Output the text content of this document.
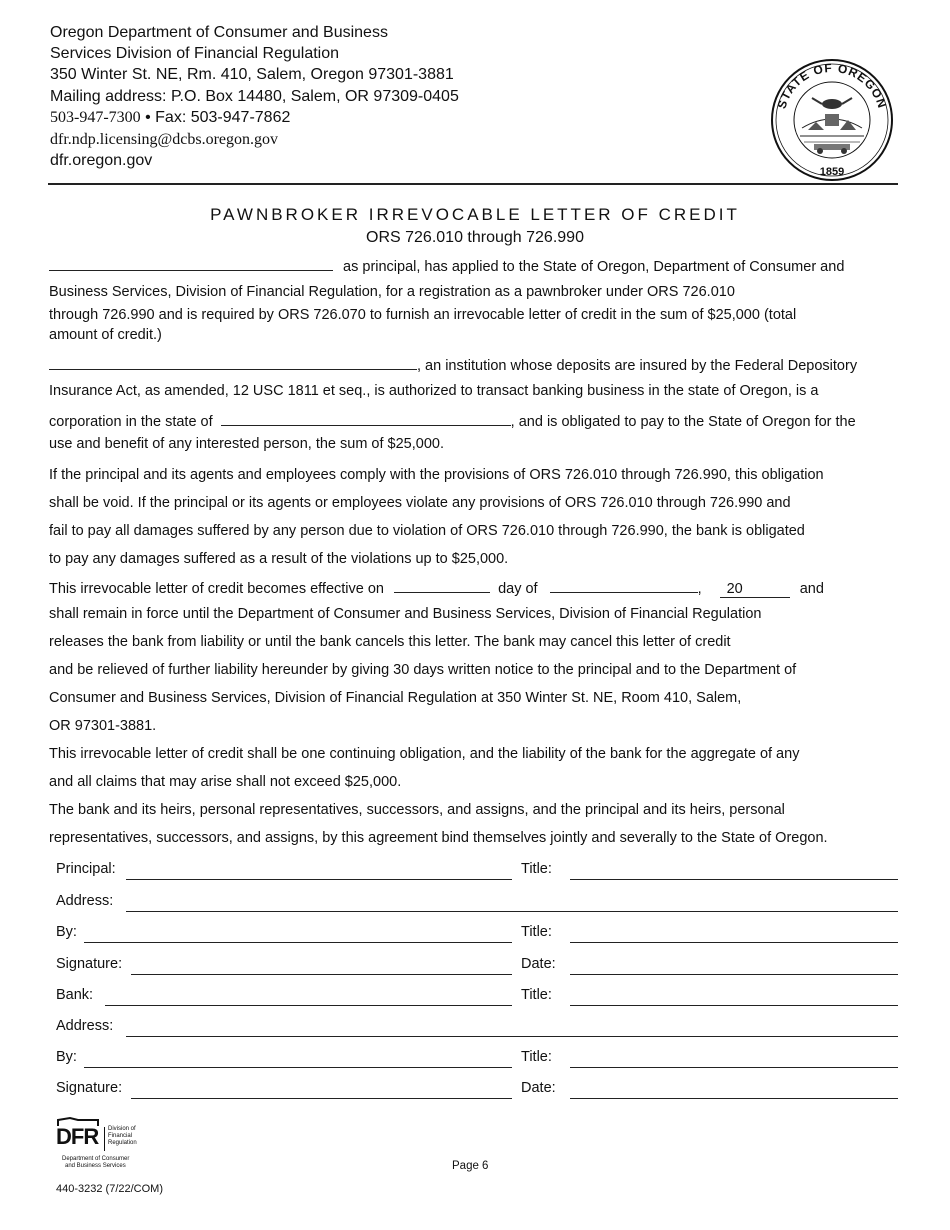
Oregon Department of Consumer and Business
Services Division of Financial Regulation
350 Winter St. NE, Rm. 410, Salem, Oregon 97301-3881
Mailing address: P.O. Box 14480, Salem, OR 97309-0405
503-947-7300 • Fax: 503-947-7862
dfr.ndp.licensing@dcbs.oregon.gov
dfr.oregon.gov
STATE OF OREGON
1859
PAWNBROKER IRREVOCABLE LETTER OF CREDIT
ORS 726.010 through 726.990
as principal, has applied to the State of Oregon, Department of Consumer and
Business Services, Division of Financial Regulation, for a registration as a pawnbroker under ORS 726.010
through 726.990 and is required by ORS 726.070 to furnish an irrevocable letter of credit in the sum of $25,000 (total
amount of credit.)
, an institution whose deposits are insured by the Federal Depository
Insurance Act, as amended, 12 USC 1811 et seq., is authorized to transact banking business in the state of Oregon, is a
corporation in the state of	, and is obligated to pay to the State of Oregon for the
use and benefit of any interested person, the sum of $25,000.
If the principal and its agents and employees comply with the provisions of ORS 726.010 through 726.990, this obligation
shall be void. If the principal or its agents or employees violate any provisions of ORS 726.010 through 726.990 and
fail to pay all damages suffered by any person due to violation of ORS 726.010 through 726.990, the bank is obligated
to pay any damages suffered as a result of the violations up to $25,000.
This irrevocable letter of credit becomes effective on	day of	, 20	and
shall remain in force until the Department of Consumer and Business Services, Division of Financial Regulation
releases the bank from liability or until the bank cancels this letter. The bank may cancel this letter of credit
and be relieved of further liability hereunder by giving 30 days written notice to the principal and to the Department of
Consumer and Business Services, Division of Financial Regulation at 350 Winter St. NE, Room 410, Salem,
OR 97301-3881.
This irrevocable letter of credit shall be one continuing obligation, and the liability of the bank for the aggregate of any
and all claims that may arise shall not exceed $25,000.
The bank and its heirs, personal representatives, successors, and assigns, and the principal and its heirs, personal
representatives, successors, and assigns, by this agreement bind themselves jointly and severally to the State of Oregon.
Principal:	Title:
Address:
By:	Title:
Signature:	Date:
Bank:	Title:
Address:
By:	Title:
Signature:	Date:
DFR Division of
Financial
Regulation
Department of Consumer
and Business Services	Page 6
440-3232 (7/22/COM)
